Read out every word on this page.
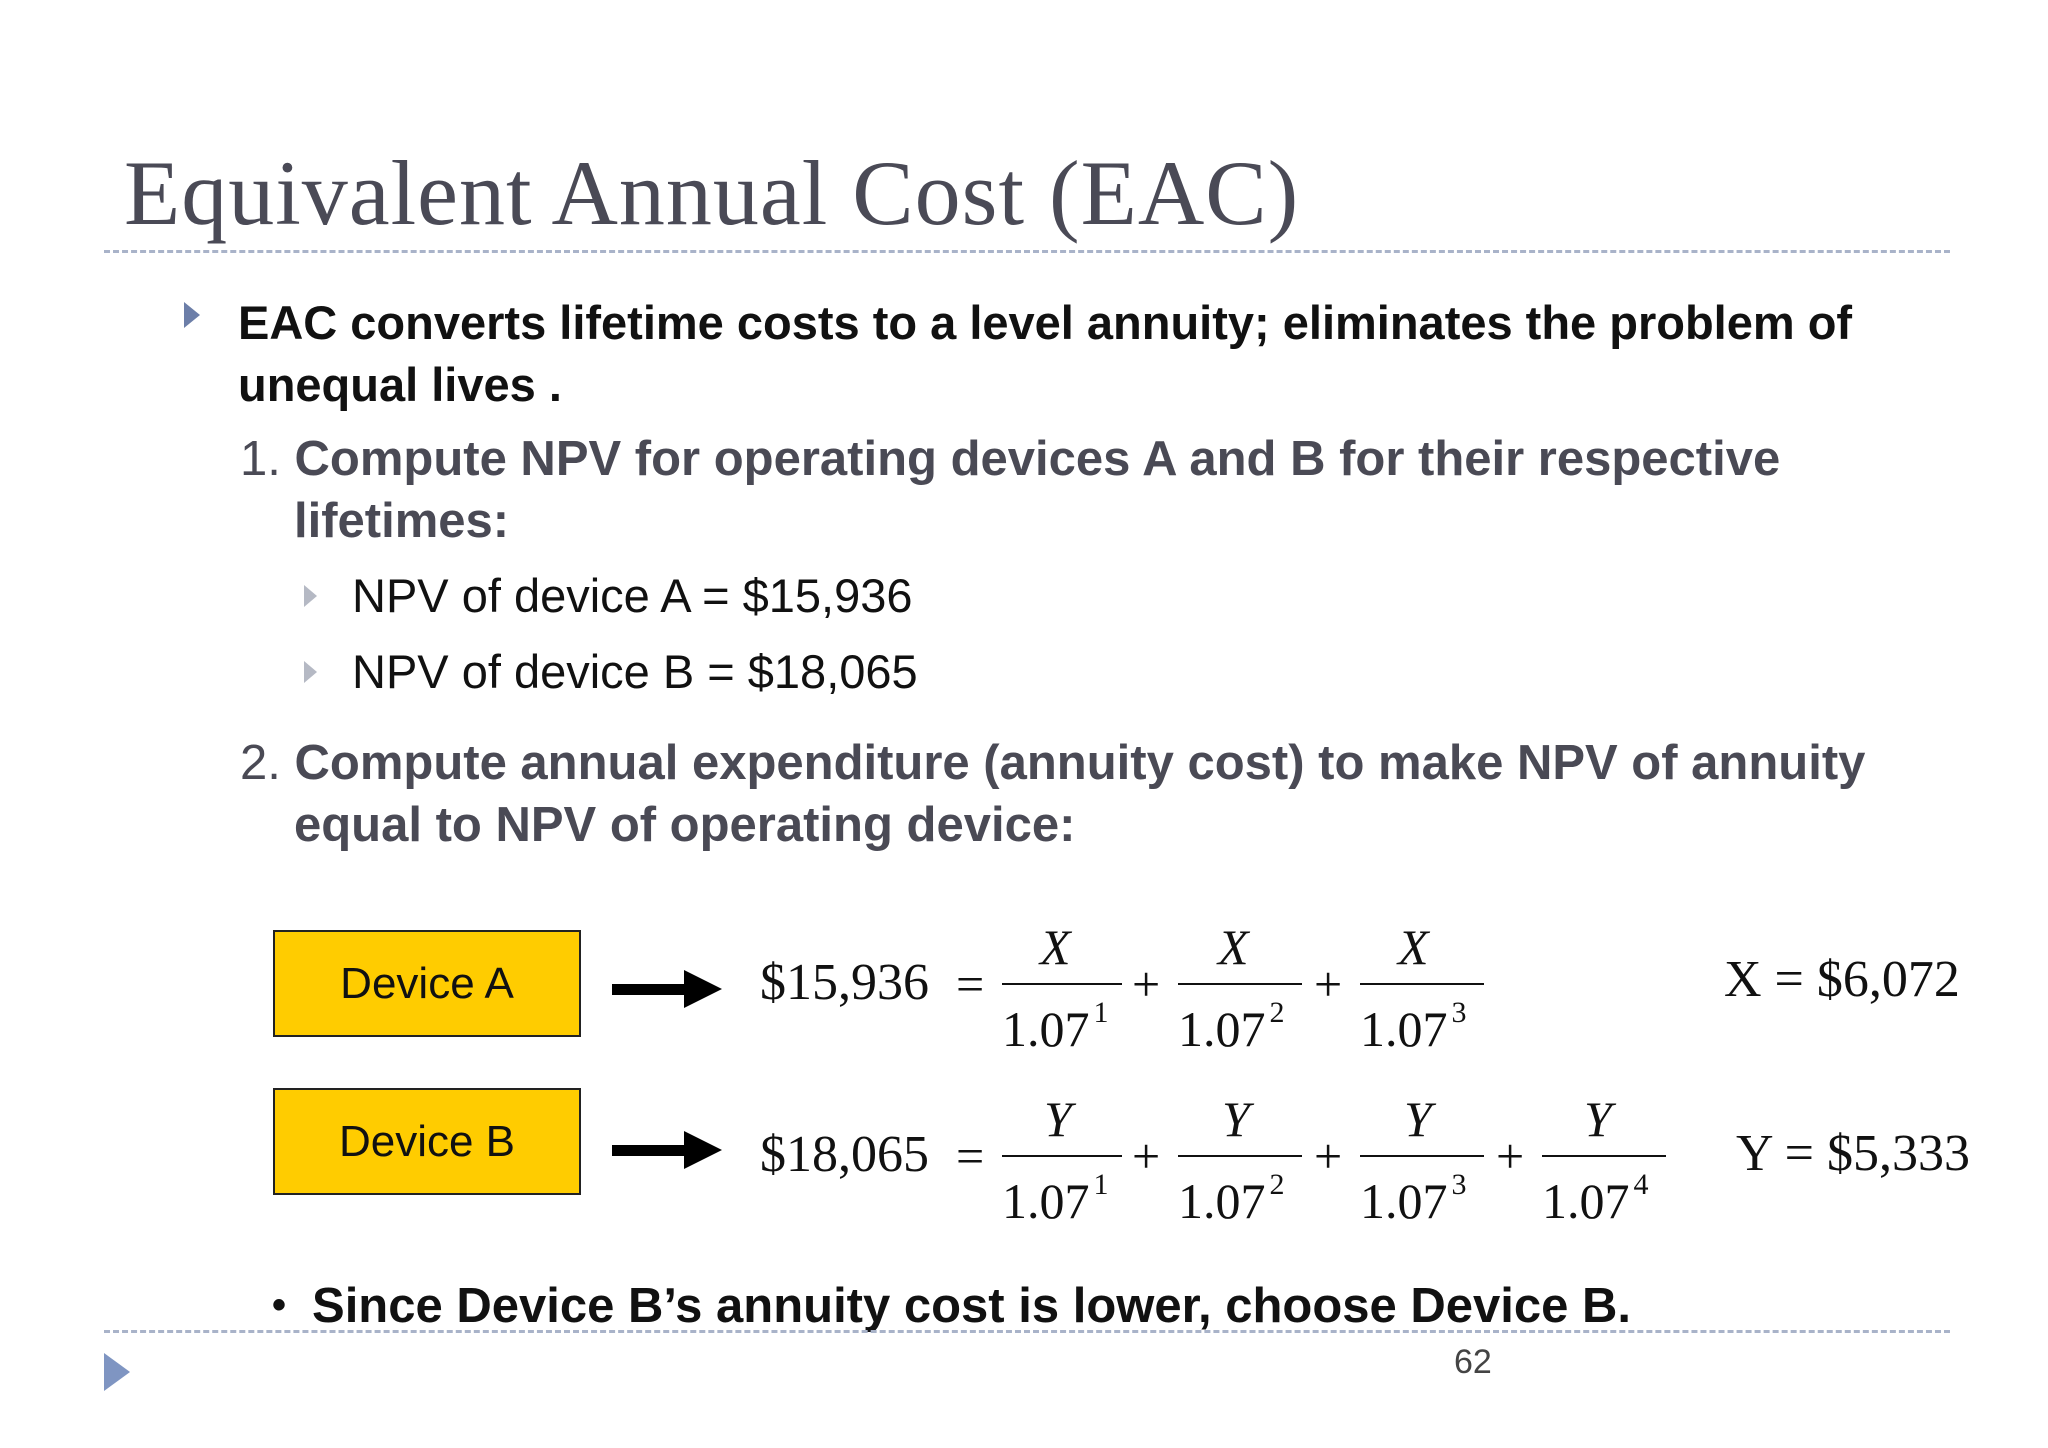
Equivalent Annual Cost (EAC)
EAC converts lifetime costs to a level annuity; eliminates the problem of unequal lives .
1. Compute NPV for operating devices A and B for their respective
lifetimes:
NPV of device A = $15,936
NPV of device B = $18,065
2. Compute annual expenditure (annuity cost) to make NPV of annuity
equal to NPV of operating device:
Device A	$15,936 =
X
1.07 $^1$
+
X
1.07 $^2$
+
X
1.07 $^3$
X = $6,072
Device B	$18,065 =
Y
1.07 $^1$
+
Y
1.07 $^2$
+
Y
1.07 $^3$
+
Y
1.07 $^4$
Y = $5,333
• Since Device B’s annuity cost is lower, choose Device B.
62
